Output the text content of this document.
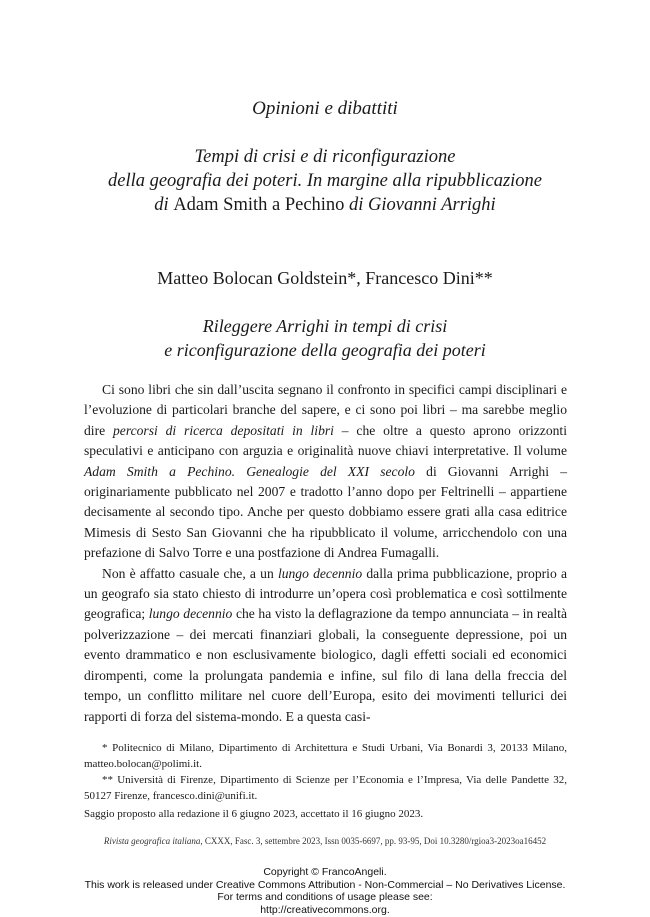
Opinioni e dibattiti
Tempi di crisi e di riconfigurazione
della geografia dei poteri. In margine alla ripubblicazione
di Adam Smith a Pechino di Giovanni Arrighi
Matteo Bolocan Goldstein*, Francesco Dini**
Rileggere Arrighi in tempi di crisi
e riconfigurazione della geografia dei poteri

Ci sono libri che sin dall’uscita segnano il confronto in specifici campi disciplinari e l’evoluzione di particolari branche del sapere, e ci sono poi libri – ma sarebbe meglio dire percorsi di ricerca depositati in libri – che oltre a questo aprono orizzonti speculativi e anticipano con arguzia e originalità nuove chiavi interpretative. Il volume Adam Smith a Pechino. Genealogie del XXI secolo di Giovanni Arrighi – originariamente pubblicato nel 2007 e tradotto l’anno dopo per Feltrinelli – appartiene decisamente al secondo tipo. Anche per questo dobbiamo essere grati alla casa editrice Mimesis di Sesto San Giovanni che ha ripubblicato il volume, arricchendolo con una prefazione di Salvo Torre e una postfazione di Andrea Fumagalli.

Non è affatto casuale che, a un lungo decennio dalla prima pubblicazione, proprio a un geografo sia stato chiesto di introdurre un’opera così problematica e così sottilmente geografica; lungo decennio che ha visto la deflagrazione da tempo annunciata – in realtà polverizzazione – dei mercati finanziari globali, la conseguente depressione, poi un evento drammatico e non esclusivamente biologico, dagli effetti sociali ed economici dirompenti, come la prolungata pandemia e infine, sul filo di lana della freccia del tempo, un conflitto militare nel cuore dell’Europa, esito dei movimenti tellurici dei rapporti di forza del sistema-mondo. E a questa casi-

* Politecnico di Milano, Dipartimento di Architettura e Studi Urbani, Via Bonardi 3, 20133 Milano, matteo.bolocan@polimi.it.

** Università di Firenze, Dipartimento di Scienze per l’Economia e l’Impresa, Via delle Pandette 32, 50127 Firenze, francesco.dini@unifi.it.

Saggio proposto alla redazione il 6 giugno 2023, accettato il 16 giugno 2023.

Rivista geografica italiana, CXXX, Fasc. 3, settembre 2023, Issn 0035-6697, pp. 93-95, Doi 10.3280/rgioa3-2023oa16452
Copyright © FrancoAngeli.
This work is released under Creative Commons Attribution - Non-Commercial – No Derivatives License.
For terms and conditions of usage please see:
http://creativecommons.org.
